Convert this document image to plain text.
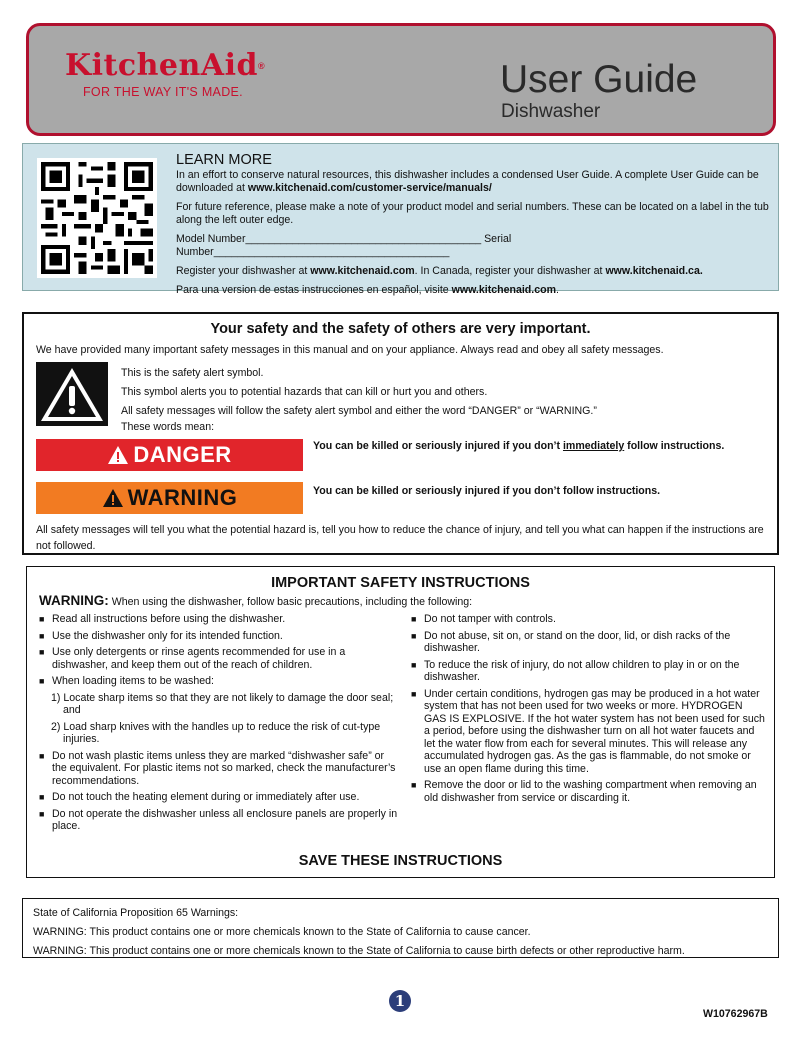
KitchenAid®
FOR THE WAY IT'S MADE.	User Guide
Dishwasher
LEARN MORE

In an effort to conserve natural resources, this dishwasher includes a condensed User Guide. A complete User Guide can be downloaded at www.kitchenaid.com/customer-service/manuals/

For future reference, please make a note of your product model and serial numbers. These can be located on a label in the tub along the left outer edge.

Model Number________________________________________ Serial Number________________________________________

Register your dishwasher at www.kitchenaid.com. In Canada, register your dishwasher at www.kitchenaid.ca.

Para una version de estas instrucciones en español, visite www.kitchenaid.com.

Your safety and the safety of others are very important.
We have provided many important safety messages in this manual and on your appliance. Always read and obey all safety messages.
This is the safety alert symbol.
This symbol alerts you to potential hazards that can kill or hurt you and others.
All safety messages will follow the safety alert symbol and either the word “DANGER” or “WARNING.”
These words mean:
DANGER	You can be killed or seriously injured if you don’t immediately follow instructions.
WARNING	You can be killed or seriously injured if you don’t follow instructions.
All safety messages will tell you what the potential hazard is, tell you how to reduce the chance of injury, and tell you what can happen if the instructions are not followed.
IMPORTANT SAFETY INSTRUCTIONS
WARNING: When using the dishwasher, follow basic precautions, including the following:
■ Read all instructions before using the dishwasher.
■ Use the dishwasher only for its intended function.
■ Use only detergents or rinse agents recommended for use in a dishwasher, and keep them out of the reach of children.
■ When loading items to be washed:
1) Locate sharp items so that they are not likely to damage the door seal; and
2) Load sharp knives with the handles up to reduce the risk of cut-type injuries.
■ Do not wash plastic items unless they are marked “dishwasher safe” or the equivalent. For plastic items not so marked, check the manufacturer’s recommendations.
■ Do not touch the heating element during or immediately after use.
■ Do not operate the dishwasher unless all enclosure panels are properly in place.
■ Do not tamper with controls.
■ Do not abuse, sit on, or stand on the door, lid, or dish racks of the dishwasher.
■ To reduce the risk of injury, do not allow children to play in or on the dishwasher.
■ Under certain conditions, hydrogen gas may be produced in a hot water system that has not been used for two weeks or more. HYDROGEN GAS IS EXPLOSIVE. If the hot water system has not been used for such a period, before using the dishwasher turn on all hot water faucets and let the water flow from each for several minutes. This will release any accumulated hydrogen gas. As the gas is flammable, do not smoke or use an open flame during this time.
■ Remove the door or lid to the washing compartment when removing an old dishwasher from service or discarding it.
SAVE THESE INSTRUCTIONS
State of California Proposition 65 Warnings:
WARNING: This product contains one or more chemicals known to the State of California to cause cancer.
WARNING: This product contains one or more chemicals known to the State of California to cause birth defects or other reproductive harm.
1
W10762967B
